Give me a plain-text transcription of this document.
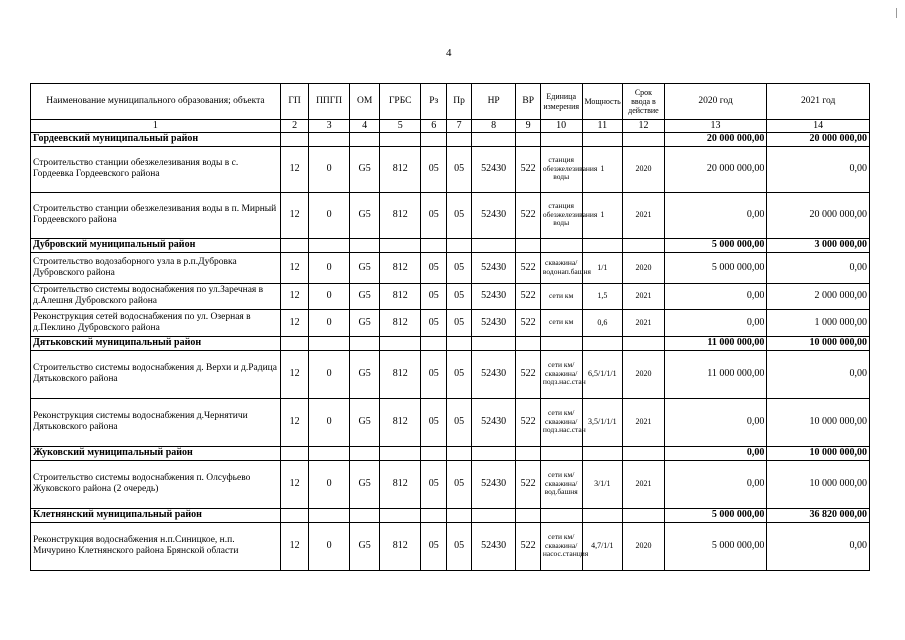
4
Наименование муниципального образования; объекта	ГП	ППГП	ОМ	ГРБС	Рз	Пр	НР	ВР	Единица измерения	Мощность	Срок ввода в действие	2020 год	2021 год
1	2	3	4	5	6	7	8	9	10	11	12	13	14
Гордеевский муниципальный район												20 000 000,00	20 000 000,00
Строительство станции обезжелезивания воды в с. Гордеевка Гордеевского района	12	0	G5	812	05	05	52430	522	станция обезжелезивания воды	1	2020	20 000 000,00	0,00
Строительство станции обезжелезивания воды в п. Мирный Гордеевского района	12	0	G5	812	05	05	52430	522	станция обезжелезивания воды	1	2021	0,00	20 000 000,00
Дубровский муниципальный район												5 000 000,00	3 000 000,00
Строительство водозаборного узла в р.п.Дубровка Дубровского района	12	0	G5	812	05	05	52430	522	скважина/водонап.башня	1/1	2020	5 000 000,00	0,00
Строительство системы водоснабжения по ул.Заречная в д.Алешня Дубровского района	12	0	G5	812	05	05	52430	522	сети км	1,5	2021	0,00	2 000 000,00
Реконструкция сетей водоснабжения по ул. Озерная в д.Пеклино Дубровского района	12	0	G5	812	05	05	52430	522	сети км	0,6	2021	0,00	1 000 000,00
Дятьковский муниципальный район												11 000 000,00	10 000 000,00
Строительство системы водоснабжения д. Верхи и д.Радица Дятьковского района	12	0	G5	812	05	05	52430	522	сети км/скважина/подз.нас.стан	6,5/1/1/1	2020	11 000 000,00	0,00
Реконструкция системы водоснабжения д.Чернятичи Дятьковского района	12	0	G5	812	05	05	52430	522	сети км/скважина/подз.нас.стан	3,5/1/1/1	2021	0,00	10 000 000,00
Жуковский муниципальный район												0,00	10 000 000,00
Строительство системы водоснабжения п. Олсуфьево Жуковского района (2 очередь)	12	0	G5	812	05	05	52430	522	сети км/скважина/вод.башня	3/1/1	2021	0,00	10 000 000,00
Клетнянский муниципальный район												5 000 000,00	36 820 000,00
Реконструкция водоснабжения н.п.Синицкое, н.п. Мичурино Клетнянского района Брянской области	12	0	G5	812	05	05	52430	522	сети км/скважина/насос.станция	4,7/1/1	2020	5 000 000,00	0,00
